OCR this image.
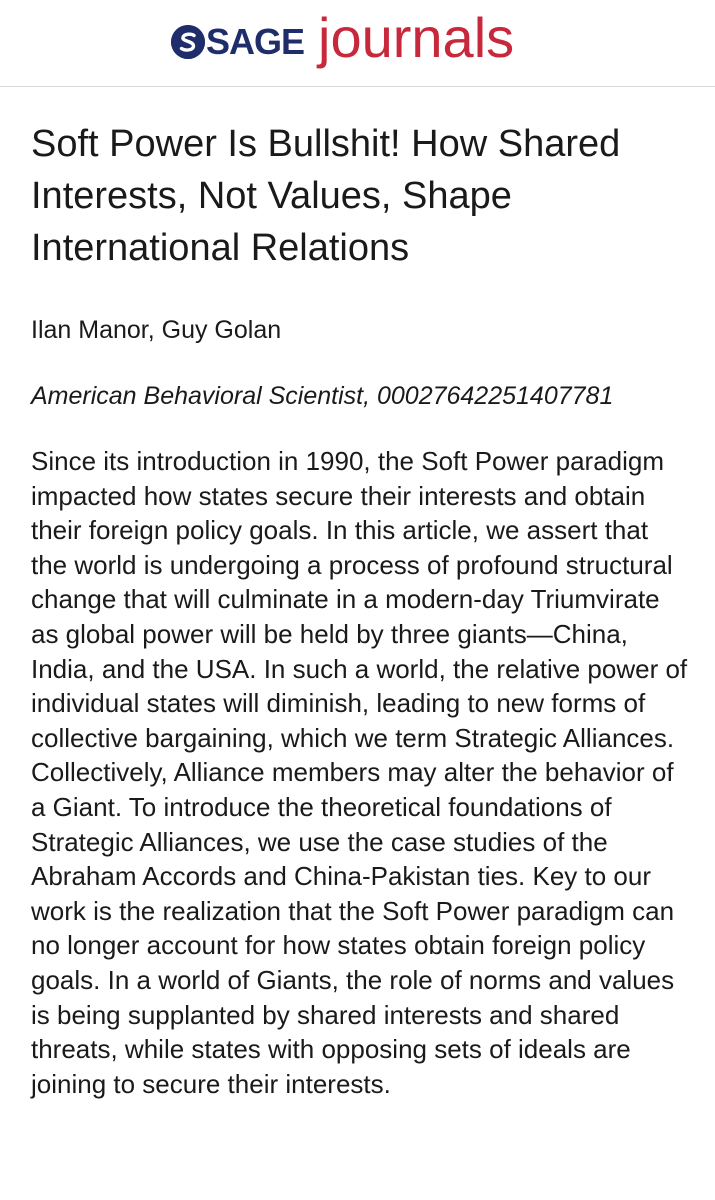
SAGE journals
Soft Power Is Bullshit! How Shared Interests, Not Values, Shape International Relations
Ilan Manor, Guy Golan
American Behavioral Scientist, 00027642251407781
Since its introduction in 1990, the Soft Power paradigm impacted how states secure their interests and obtain their foreign policy goals. In this article, we assert that the world is undergoing a process of profound structural change that will culminate in a modern-day Triumvirate as global power will be held by three giants—China, India, and the USA. In such a world, the relative power of individual states will diminish, leading to new forms of collective bargaining, which we term Strategic Alliances. Collectively, Alliance members may alter the behavior of a Giant. To introduce the theoretical foundations of Strategic Alliances, we use the case studies of the Abraham Accords and China-Pakistan ties. Key to our work is the realization that the Soft Power paradigm can no longer account for how states obtain foreign policy goals. In a world of Giants, the role of norms and values is being supplanted by shared interests and shared threats, while states with opposing sets of ideals are joining to secure their interests.
